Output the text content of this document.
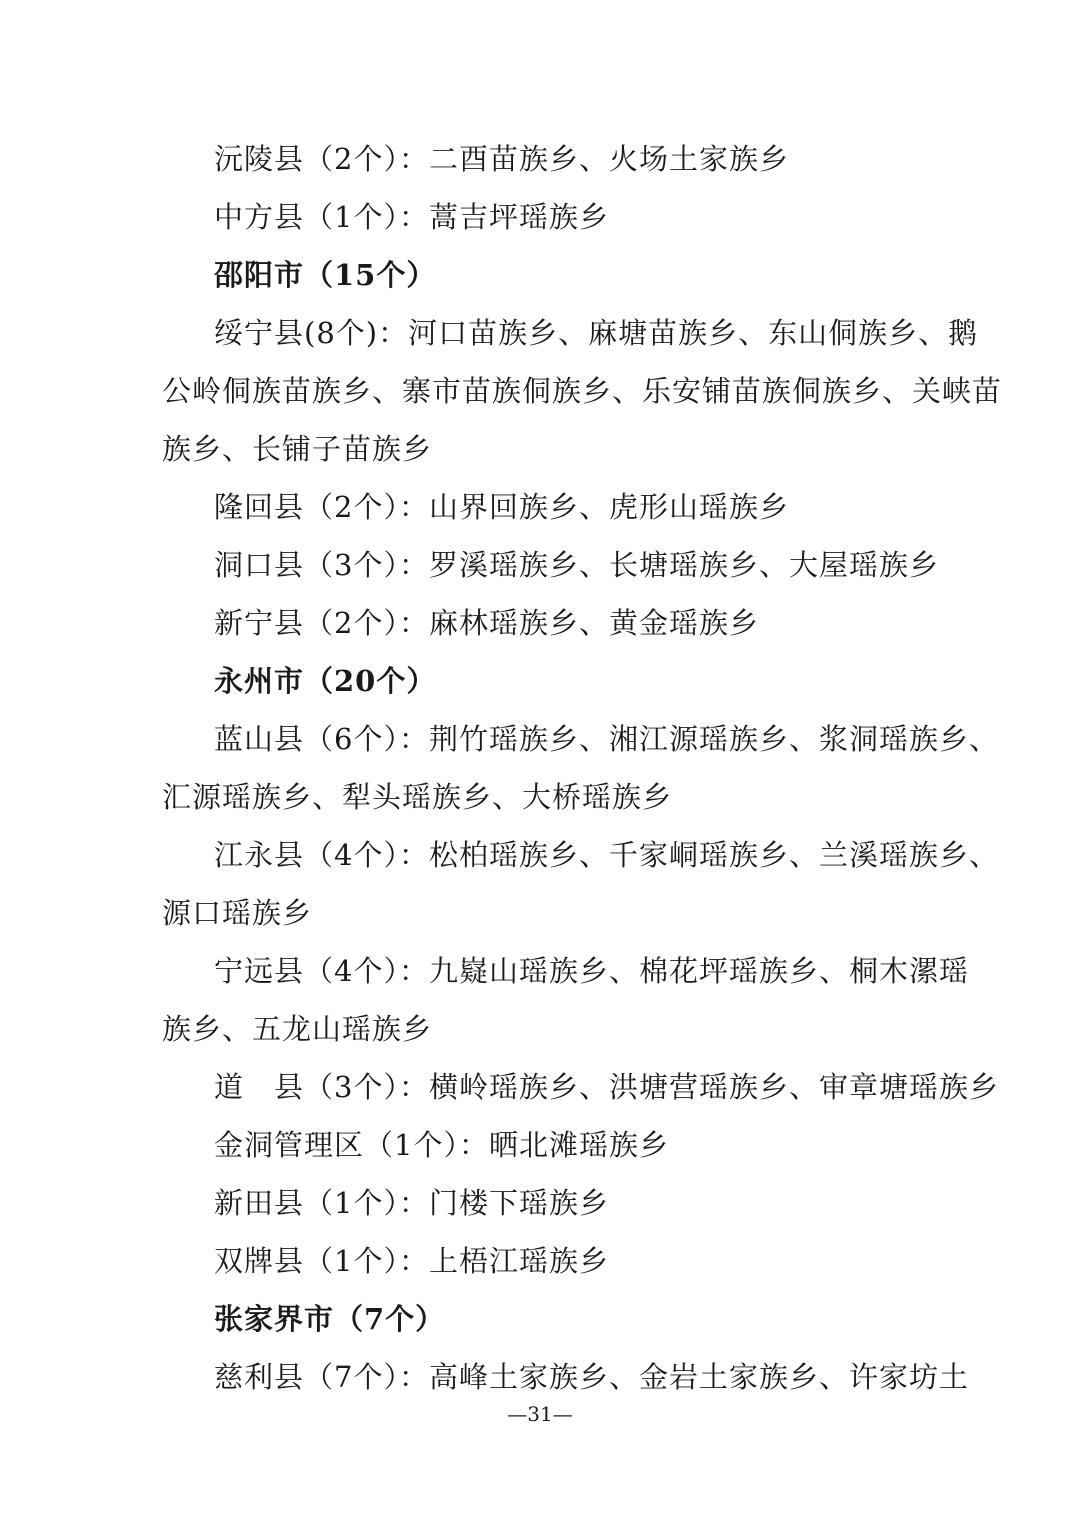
沅陵县（2个）：二酉苗族乡、火场土家族乡
中方县（1个）：蒿吉坪瑶族乡
邵阳市（15个）
绥宁县(8个)：河口苗族乡、麻塘苗族乡、东山侗族乡、鹅
公岭侗族苗族乡、寨市苗族侗族乡、乐安铺苗族侗族乡、关峡苗
族乡、长铺子苗族乡
隆回县（2个）：山界回族乡、虎形山瑶族乡
洞口县（3个）：罗溪瑶族乡、长塘瑶族乡、大屋瑶族乡
新宁县（2个）：麻林瑶族乡、黄金瑶族乡
永州市（20个）
蓝山县（6个）：荆竹瑶族乡、湘江源瑶族乡、浆洞瑶族乡、
汇源瑶族乡、犁头瑶族乡、大桥瑶族乡
江永县（4个）：松柏瑶族乡、千家峒瑶族乡、兰溪瑶族乡、
源口瑶族乡
宁远县（4个）：九嶷山瑶族乡、棉花坪瑶族乡、桐木漯瑶
族乡、五龙山瑶族乡
道　县（3个）：横岭瑶族乡、洪塘营瑶族乡、审章塘瑶族乡
金洞管理区（1个）：晒北滩瑶族乡
新田县（1个）：门楼下瑶族乡
双牌县（1个）：上梧江瑶族乡
张家界市（7个）
慈利县（7个）：高峰土家族乡、金岩土家族乡、许家坊土
—31—
